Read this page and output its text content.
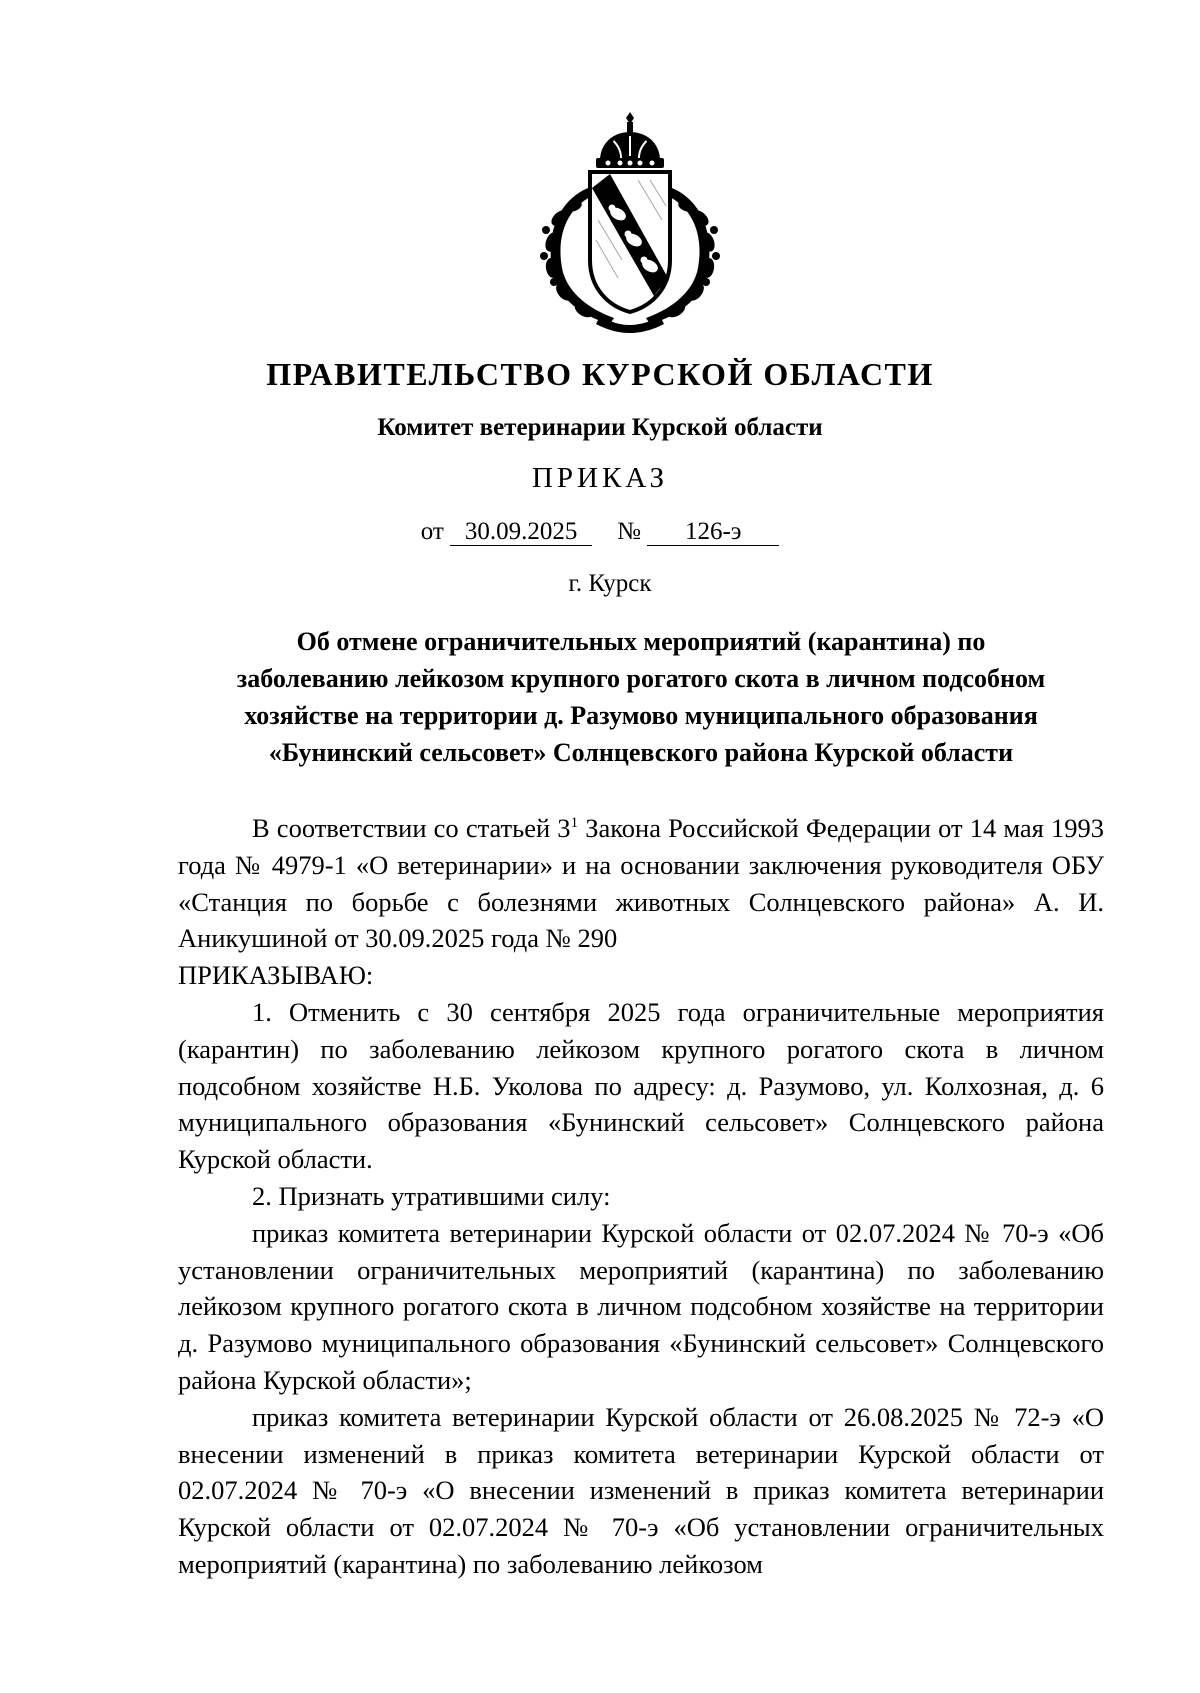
ПРАВИТЕЛЬСТВО КУРСКОЙ ОБЛАСТИ
Комитет ветеринарии Курской области
ПРИКАЗ
от 30.09.2025 № 126-э
г. Курск
Об отмене ограничительных мероприятий (карантина) по
заболеванию лейкозом крупного рогатого скота в личном подсобном
хозяйстве на территории д. Разумово муниципального образования
«Бунинский сельсовет» Солнцевского района Курской области

В соответствии со статьей $3^1$ Закона Российской Федерации от 14 мая 1993 года № 4979-1 «О ветеринарии» и на основании заключения руководителя ОБУ «Станция по борьбе с болезнями животных Солнцевского района» А. И. Аникушиной от 30.09.2025 года № 290

ПРИКАЗЫВАЮ:

1. Отменить с 30 сентября 2025 года ограничительные мероприятия (карантин) по заболеванию лейкозом крупного рогатого скота в личном подсобном хозяйстве Н.Б. Уколова по адресу: д. Разумово, ул. Колхозная, д. 6 муниципального образования «Бунинский сельсовет» Солнцевского района Курской области.

2. Признать утратившими силу:

приказ комитета ветеринарии Курской области от 02.07.2024 № 70-э «Об установлении ограничительных мероприятий (карантина) по заболеванию лейкозом крупного рогатого скота в личном подсобном хозяйстве на территории д. Разумово муниципального образования «Бунинский сельсовет» Солнцевского района Курской области»;

приказ комитета ветеринарии Курской области от 26.08.2025 № 72-э «О внесении изменений в приказ комитета ветеринарии Курской области от 02.07.2024 № 70-э «О внесении изменений в приказ комитета ветеринарии Курской области от 02.07.2024 № 70-э «Об установлении ограничительных мероприятий (карантина) по заболеванию лейкозом
